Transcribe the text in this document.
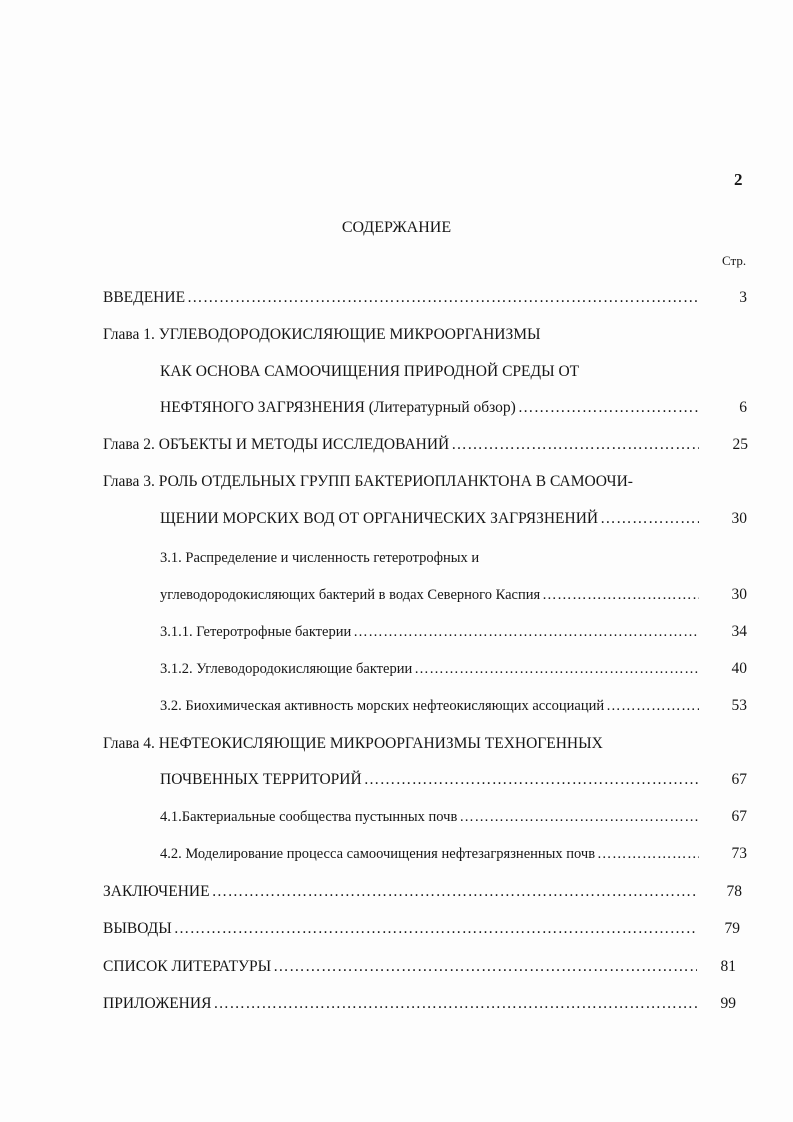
2
СОДЕРЖАНИЕ
Стр.
ВВЕДЕНИЕ …………………………………………………………………………………………………………………………………………………………………………………………………………………	3
Глава 1. УГЛЕВОДОРОДОКИСЛЯЮЩИЕ МИКРООРГАНИЗМЫ
КАК ОСНОВА САМООЧИЩЕНИЯ ПРИРОДНОЙ СРЕДЫ ОТ
НЕФТЯНОГО ЗАГРЯЗНЕНИЯ (Литературный обзор) …………………………………………………………………………………………………………………………………………………………………………………………………………………	6
Глава 2. ОБЪЕКТЫ И МЕТОДЫ ИССЛЕДОВАНИЙ …………………………………………………………………………………………………………………………………………………………………………………………………………………	25
Глава 3. РОЛЬ ОТДЕЛЬНЫХ ГРУПП БАКТЕРИОПЛАНКТОНА В САМООЧИ-
ЩЕНИИ МОРСКИХ ВОД ОТ ОРГАНИЧЕСКИХ ЗАГРЯЗНЕНИЙ …………………………………………………………………………………………………………………………………………………………………………………………………………………	30
3.1. Распределение и численность гетеротрофных и
углеводородокисляющих бактерий в водах Северного Каспия …………………………………………………………………………………………………………………………………………………………………………………………………………………	30
3.1.1. Гетеротрофные бактерии …………………………………………………………………………………………………………………………………………………………………………………………………………………	34
3.1.2. Углеводородокисляющие бактерии …………………………………………………………………………………………………………………………………………………………………………………………………………………	40
3.2. Биохимическая активность морских нефтеокисляющих ассоциаций …………………………………………………………………………………………………………………………………………………………………………………………………………………	53
Глава 4. НЕФТЕОКИСЛЯЮЩИЕ МИКРООРГАНИЗМЫ ТЕХНОГЕННЫХ
ПОЧВЕННЫХ ТЕРРИТОРИЙ …………………………………………………………………………………………………………………………………………………………………………………………………………………	67
4.1.Бактериальные сообщества пустынных почв …………………………………………………………………………………………………………………………………………………………………………………………………………………	67
4.2. Моделирование процесса самоочищения нефтезагрязненных почв …………………………………………………………………………………………………………………………………………………………………………………………………………………	73
ЗАКЛЮЧЕНИЕ …………………………………………………………………………………………………………………………………………………………………………………………………………………	78
ВЫВОДЫ …………………………………………………………………………………………………………………………………………………………………………………………………………………	79
СПИСОК ЛИТЕРАТУРЫ …………………………………………………………………………………………………………………………………………………………………………………………………………………	81
ПРИЛОЖЕНИЯ …………………………………………………………………………………………………………………………………………………………………………………………………………………	99
